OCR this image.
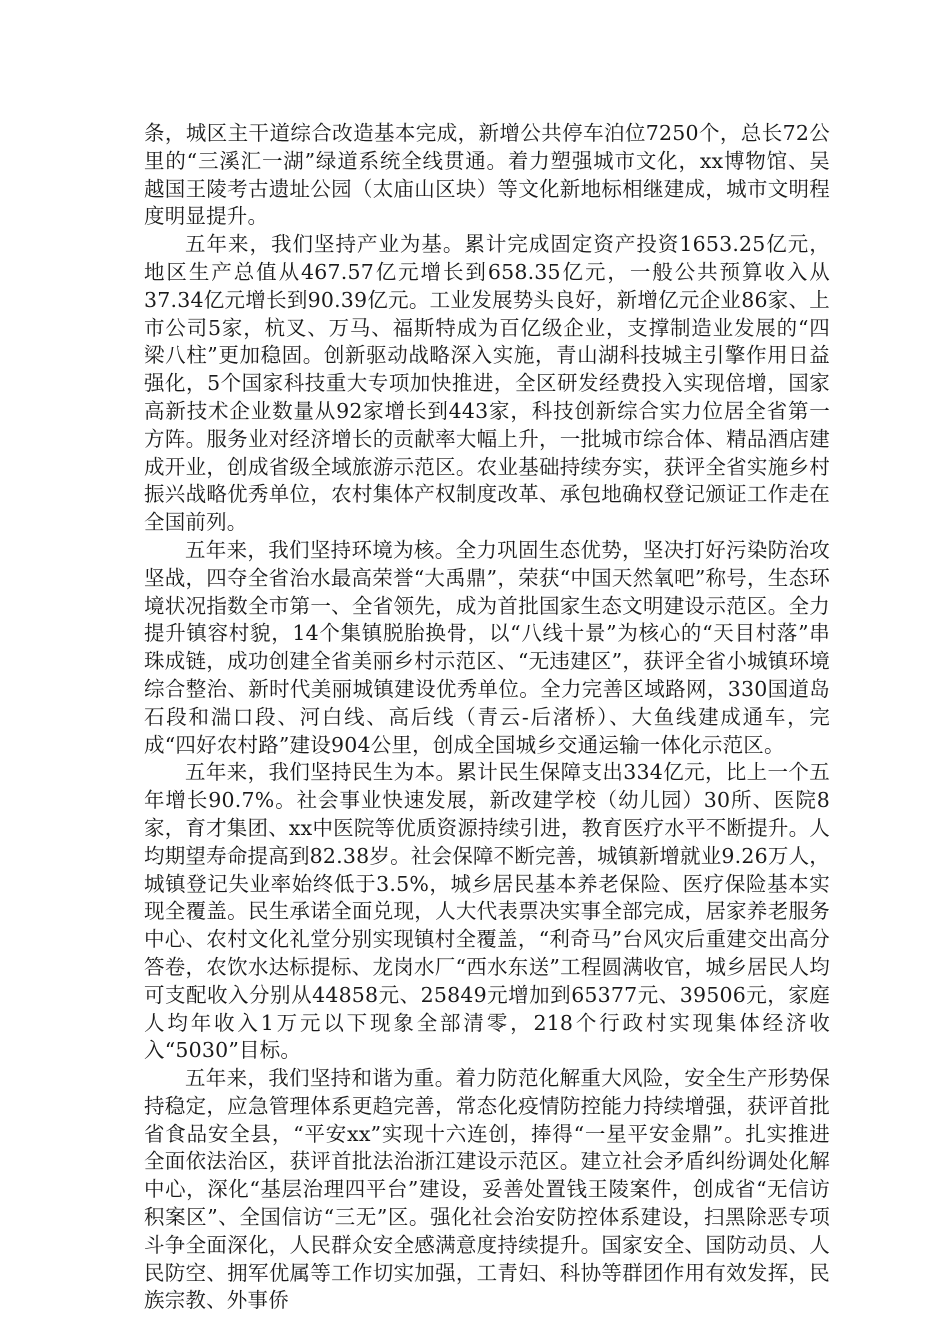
条，城区主干道综合改造基本完成，新增公共停车泊位7250个，总长72公里的“三溪汇一湖”绿道系统全线贯通。着力塑强城市文化，xx博物馆、吴越国王陵考古遗址公园（太庙山区块）等文化新地标相继建成，城市文明程度明显提升。

五年来，我们坚持产业为基。累计完成固定资产投资1653.25亿元，地区生产总值从467.57亿元增长到658.35亿元，一般公共预算收入从37.34亿元增长到90.39亿元。工业发展势头良好，新增亿元企业86家、上市公司5家，杭叉、万马、福斯特成为百亿级企业，支撑制造业发展的“四梁八柱”更加稳固。创新驱动战略深入实施，青山湖科技城主引擎作用日益强化，5个国家科技重大专项加快推进，全区研发经费投入实现倍增，国家高新技术企业数量从92家增长到443家，科技创新综合实力位居全省第一方阵。服务业对经济增长的贡献率大幅上升，一批城市综合体、精品酒店建成开业，创成省级全域旅游示范区。农业基础持续夯实，获评全省实施乡村振兴战略优秀单位，农村集体产权制度改革、承包地确权登记颁证工作走在全国前列。

五年来，我们坚持环境为核。全力巩固生态优势，坚决打好污染防治攻坚战，四夺全省治水最高荣誉“大禹鼎”，荣获“中国天然氧吧”称号，生态环境状况指数全市第一、全省领先，成为首批国家生态文明建设示范区。全力提升镇容村貌，14个集镇脱胎换骨，以“八线十景”为核心的“天目村落”串珠成链，成功创建全省美丽乡村示范区、“无违建区”，获评全省小城镇环境综合整治、新时代美丽城镇建设优秀单位。全力完善区域路网，330国道岛石段和湍口段、河白线、高后线（青云-后渚桥）、大鱼线建成通车，完成“四好农村路”建设904公里，创成全国城乡交通运输一体化示范区。

五年来，我们坚持民生为本。累计民生保障支出334亿元，比上一个五年增长90.7%。社会事业快速发展，新改建学校（幼儿园）30所、医院8家，育才集团、xx中医院等优质资源持续引进，教育医疗水平不断提升。人均期望寿命提高到82.38岁。社会保障不断完善，城镇新增就业9.26万人，城镇登记失业率始终低于3.5%，城乡居民基本养老保险、医疗保险基本实现全覆盖。民生承诺全面兑现，人大代表票决实事全部完成，居家养老服务中心、农村文化礼堂分别实现镇村全覆盖，“利奇马”台风灾后重建交出高分答卷，农饮水达标提标、龙岗水厂“西水东送”工程圆满收官，城乡居民人均可支配收入分别从44858元、25849元增加到65377元、39506元，家庭人均年收入1万元以下现象全部清零，218个行政村实现集体经济收入“5030”目标。

五年来，我们坚持和谐为重。着力防范化解重大风险，安全生产形势保持稳定，应急管理体系更趋完善，常态化疫情防控能力持续增强，获评首批省食品安全县，“平安xx”实现十六连创，捧得“一星平安金鼎”。扎实推进全面依法治区，获评首批法治浙江建设示范区。建立社会矛盾纠纷调处化解中心，深化“基层治理四平台”建设，妥善处置钱王陵案件，创成省“无信访积案区”、全国信访“三无”区。强化社会治安防控体系建设，扫黑除恶专项斗争全面深化，人民群众安全感满意度持续提升。国家安全、国防动员、人民防空、拥军优属等工作切实加强，工青妇、科协等群团作用有效发挥，民族宗教、外事侨
